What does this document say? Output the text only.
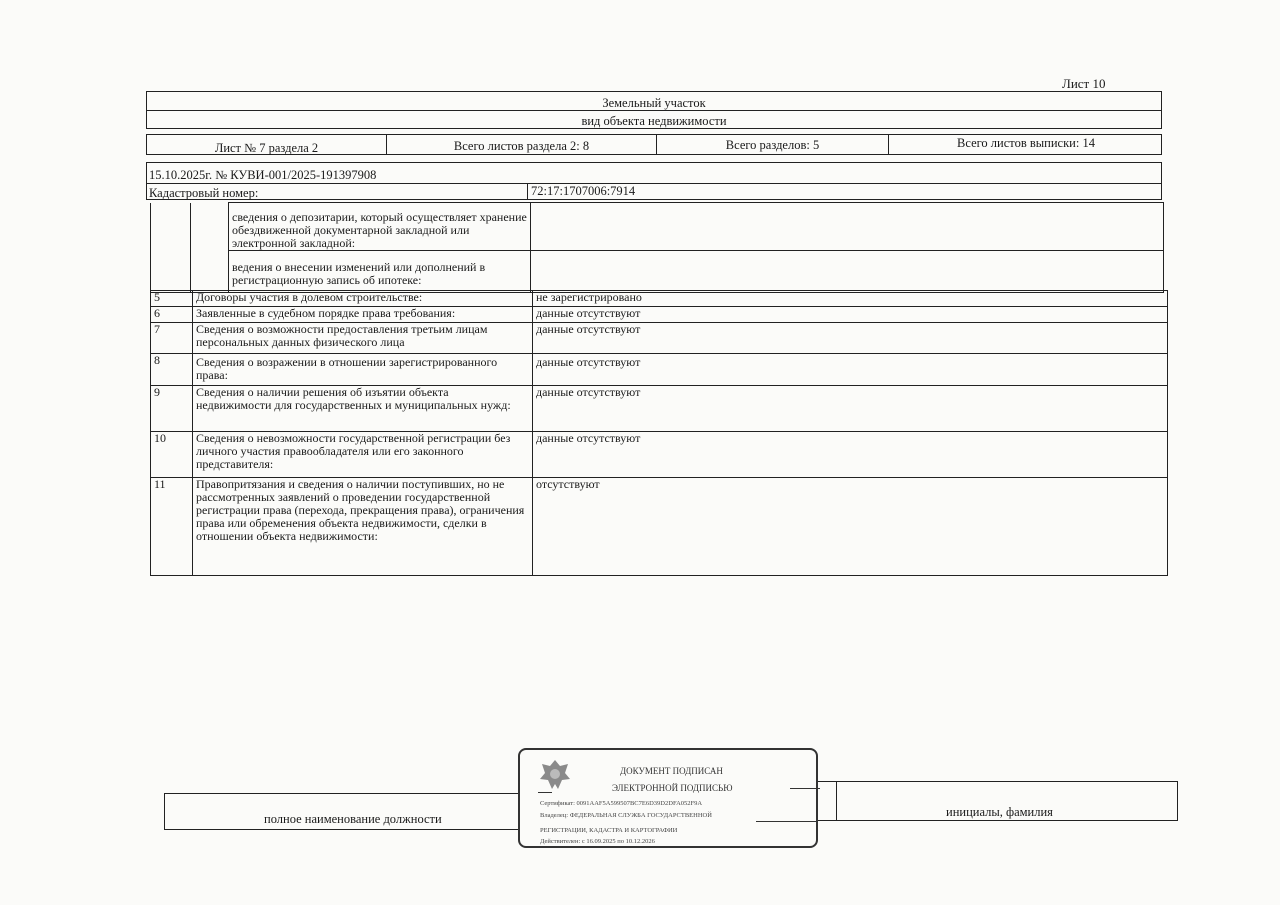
Лист 10
Земельный участок
вид объекта недвижимости
Лист № 7 раздела 2	Всего листов раздела 2: 8	Всего разделов: 5	Всего листов выписки: 14
15.10.2025г. № КУВИ-001/2025-191397908
Кадастровый номер:	72:17:1707006:7914
		сведения о депозитарии, который осуществляет хранение обездвиженной документарной закладной или электронной закладной:	
		ведения о внесении изменений или дополнений в регистрационную запись об ипотеке:	
5	Договоры участия в долевом строительстве:	не зарегистрировано
6	Заявленные в судебном порядке права требования:	данные отсутствуют
7	Сведения о возможности предоставления третьим лицам персональных данных физического лица	данные отсутствуют
8	Сведения о возражении в отношении зарегистрированного права:	данные отсутствуют
9	Сведения о наличии решения об изъятии объекта недвижимости для государственных и муниципальных нужд:	данные отсутствуют
10	Сведения о невозможности государственной регистрации без личного участия правообладателя или его законного представителя:	данные отсутствуют
11	Правопритязания и сведения о наличии поступивших, но не рассмотренных заявлений о проведении государственной регистрации права (перехода, прекращения права), ограничения права или обременения объекта недвижимости, сделки в отношении объекта недвижимости:	отсутствуют
полное наименование должности	инициалы, фамилия
ДОКУМЕНТ ПОДПИСАН
ЭЛЕКТРОННОЙ ПОДПИСЬЮ
Сертификат: 0091AAF5A599507BC7E6D39D2DFA052F9A
Владелец: ФЕДЕРАЛЬНАЯ СЛУЖБА ГОСУДАРСТВЕННОЙ
РЕГИСТРАЦИИ, КАДАСТРА И КАРТОГРАФИИ
Действителен: с 16.09.2025 по 10.12.2026
